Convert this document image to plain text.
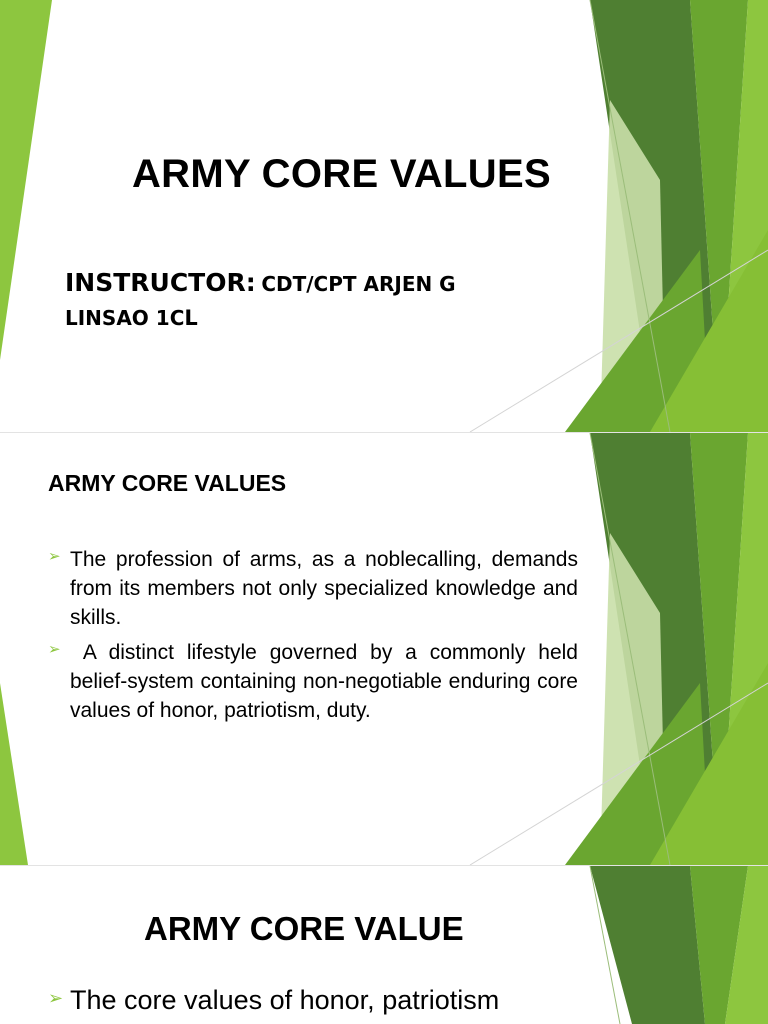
ARMY CORE VALUES
INSTRUCTOR: CDT/CPT ARJEN G LINSAO 1CL
ARMY CORE VALUES
➢ The profession of arms, as a noblecalling, demands from its members not only specialized knowledge and skills.
➢ A distinct lifestyle governed by a commonly held belief-system containing non-negotiable enduring core values of honor, patriotism, duty.
ARMY CORE VALUE
➢ The core values of honor, patriotism
